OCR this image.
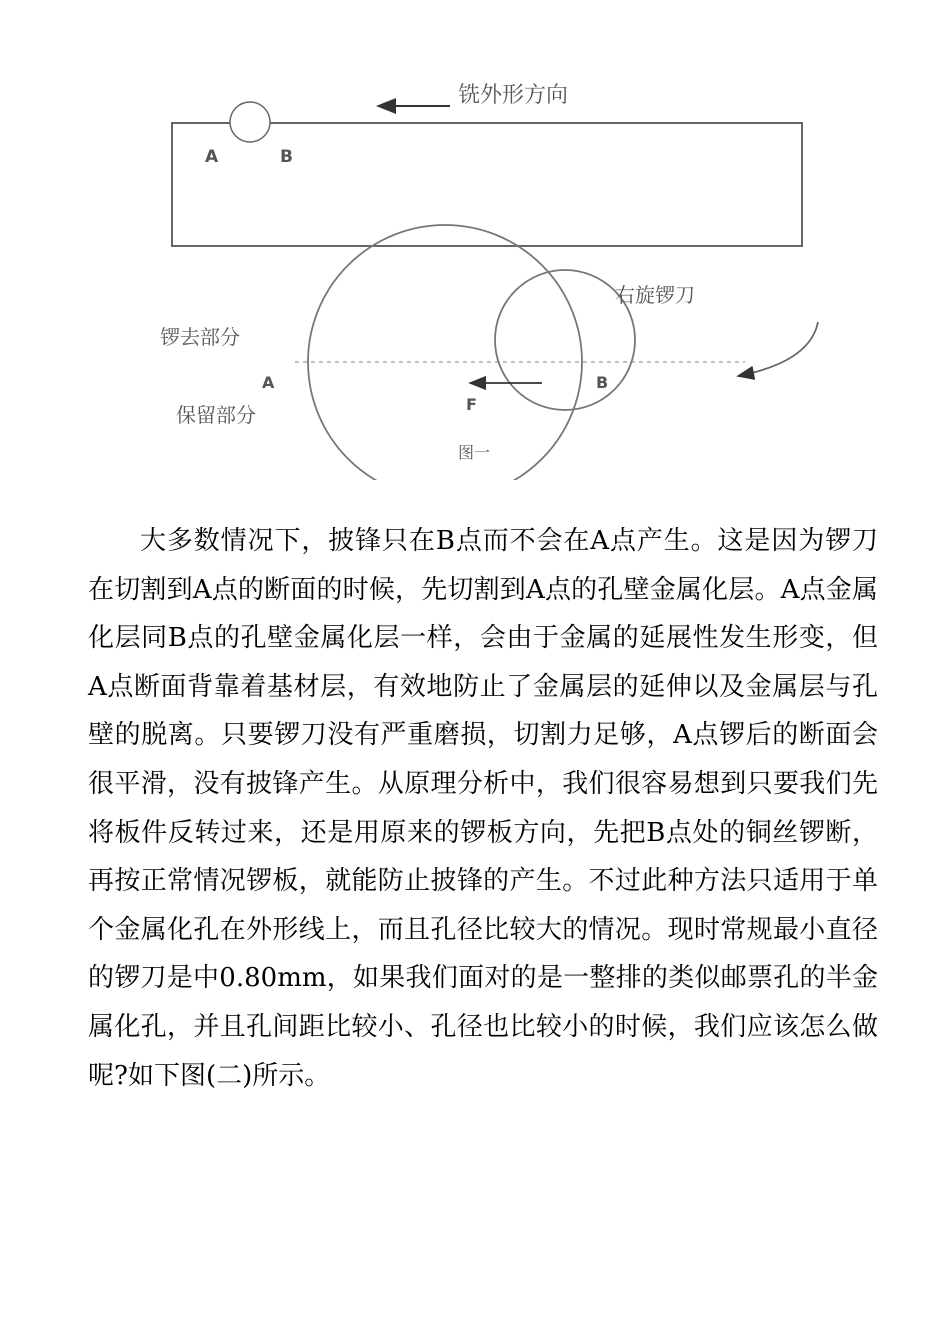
铣外形方向
A	B
右旋锣刀
锣去部分
A
保留部分	F
B
图一

大多数情况下，披锋只在B点而不会在A点产生。这是因为锣刀在切割到A点的断面的时候，先切割到A点的孔壁金属化层。A点金属化层同B点的孔壁金属化层一样，会由于金属的延展性发生形变，但A点断面背靠着基材层，有效地防止了金属层的延伸以及金属层与孔壁的脱离。只要锣刀没有严重磨损，切割力足够，A点锣后的断面会很平滑，没有披锋产生。从原理分析中，我们很容易想到只要我们先将板件反转过来，还是用原来的锣板方向，先把B点处的铜丝锣断，再按正常情况锣板，就能防止披锋的产生。不过此种方法只适用于单个金属化孔在外形线上，而且孔径比较大的情况。现时常规最小直径的锣刀是中0.80mm，如果我们面对的是一整排的类似邮票孔的半金属化孔，并且孔间距比较小、孔径也比较小的时候，我们应该怎么做呢?如下图(二)所示。
